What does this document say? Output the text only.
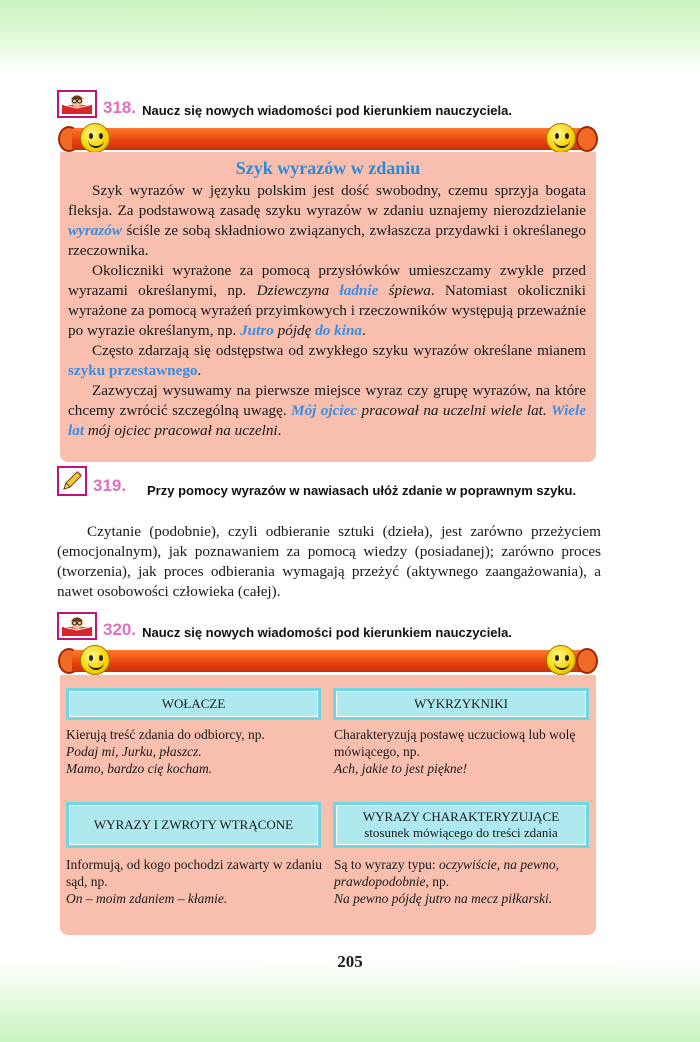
318. Naucz się nowych wiadomości pod kierunkiem nauczyciela.
Szyk wyrazów w zdaniu

Szyk wyrazów w języku polskim jest dość swobodny, czemu sprzyja bogata fleksja. Za podstawową zasadę szyku wyrazów w zdaniu uznajemy nierozdzielanie wyrazów ściśle ze sobą składniowo związanych, zwłaszcza przydawki i określanego rzeczownika.

Okoliczniki wyrażone za pomocą przysłówków umieszczamy zwykle przed wyrazami określanymi, np. Dziewczyna ładnie śpiewa. Natomiast okoliczniki wyrażone za pomocą wyrażeń przyimkowych i rzeczowników występują przeważnie po wyrazie określanym, np. Jutro pójdę do kina.

Często zdarzają się odstępstwa od zwykłego szyku wyrazów określane mianem szyku przestawnego.

Zazwyczaj wysuwamy na pierwsze miejsce wyraz czy grupę wyrazów, na które chcemy zwrócić szczególną uwagę. Mój ojciec pracował na uczelni wiele lat. Wiele lat mój ojciec pracował na uczelni.

319. Przy pomocy wyrazów w nawiasach ułóż zdanie w poprawnym szyku.

Czytanie (podobnie), czyli odbieranie sztuki (dzieła), jest zarówno przeżyciem (emocjonalnym), jak poznawaniem za pomocą wiedzy (posiadanej); zarówno proces (tworzenia), jak proces odbierania wymagają przeżyć (aktywnego zaangażowania), a nawet osobowości człowieka (całej).

320. Naucz się nowych wiadomości pod kierunkiem nauczyciela.
WOŁACZE
Kierują treść zdania do odbiorcy, np.
Podaj mi, Jurku, płaszcz.
Mamo, bardzo cię kocham.
WYKRZYKNIKI
Charakteryzują postawę uczuciową lub wolę mówiącego, np.
Ach, jakie to jest piękne!
WYRAZY I ZWROTY WTRĄCONE
Informują, od kogo pochodzi zawarty w zdaniu sąd, np.
On – moim zdaniem – kłamie.
WYRAZY CHARAKTERYZUJĄCE
stosunek mówiącego do treści zdania
Są to wyrazy typu: oczywiście, na pewno, prawdopodobnie, np.
Na pewno pójdę jutro na mecz piłkarski.
205
